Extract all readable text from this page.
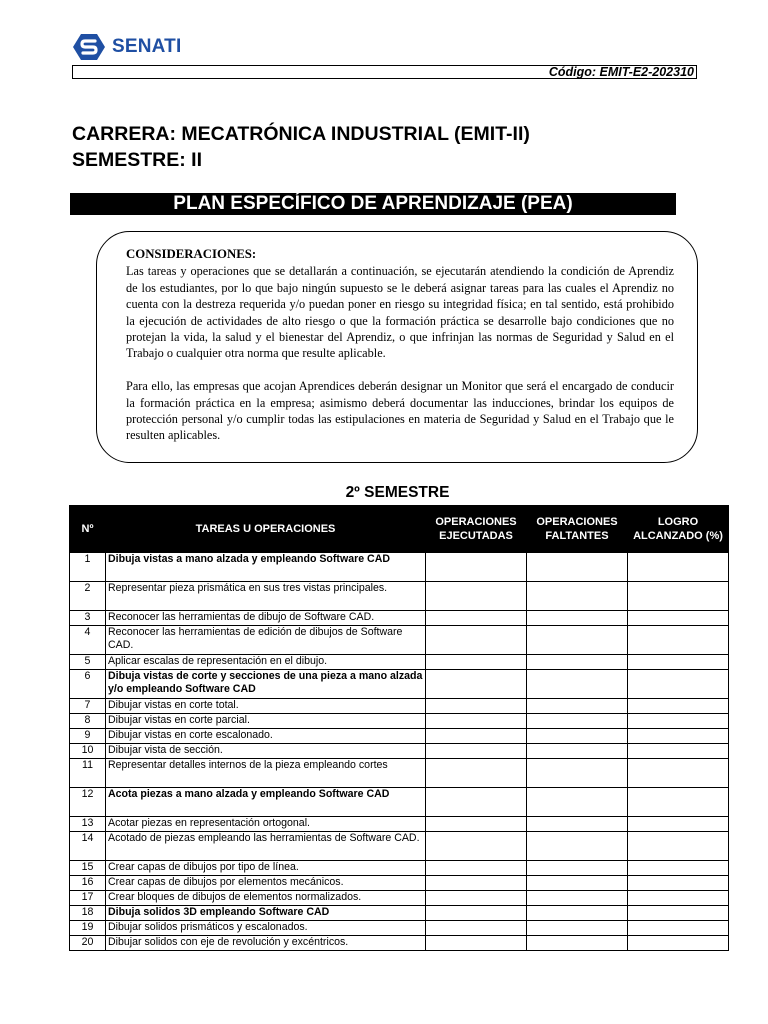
SENATI
Código: EMIT-E2-202310
CARRERA: MECATRÓNICA INDUSTRIAL (EMIT-II)
SEMESTRE: II
PLAN ESPECÍFICO DE APRENDIZAJE (PEA)
CONSIDERACIONES:

Las tareas y operaciones que se detallarán a continuación, se ejecutarán atendiendo la condición de Aprendiz de los estudiantes, por lo que bajo ningún supuesto se le deberá asignar tareas para las cuales el Aprendiz no cuenta con la destreza requerida y/o puedan poner en riesgo su integridad física; en tal sentido, está prohibido la ejecución de actividades de alto riesgo o que la formación práctica se desarrolle bajo condiciones que no protejan la vida, la salud y el bienestar del Aprendiz, o que infrinjan las normas de Seguridad y Salud en el Trabajo o cualquier otra norma que resulte aplicable.

Para ello, las empresas que acojan Aprendices deberán designar un Monitor que será el encargado de conducir la formación práctica en la empresa; asimismo deberá documentar las inducciones, brindar los equipos de protección personal y/o cumplir todas las estipulaciones en materia de Seguridad y Salud en el Trabajo que le resulten aplicables.

2º SEMESTRE
Nº	TAREAS U OPERACIONES	OPERACIONES EJECUTADAS	OPERACIONES FALTANTES	LOGRO ALCANZADO (%)
1	Dibuja vistas a mano alzada y empleando Software CAD			
2	Representar pieza prismática en sus tres vistas principales.			
3	Reconocer las herramientas de dibujo de Software CAD.			
4	Reconocer las herramientas de edición de dibujos de Software CAD.			
5	Aplicar escalas de representación en el dibujo.			
6	Dibuja vistas de corte y secciones de una pieza a mano alzada y/o empleando Software CAD			
7	Dibujar vistas en corte total.			
8	Dibujar vistas en corte parcial.			
9	Dibujar vistas en corte escalonado.			
10	Dibujar vista de sección.			
11	Representar detalles internos de la pieza empleando cortes			
12	Acota piezas a mano alzada y empleando Software CAD			
13	Acotar piezas en representación ortogonal.			
14	Acotado de piezas empleando las herramientas de Software CAD.			
15	Crear capas de dibujos por tipo de línea.			
16	Crear capas de dibujos por elementos mecánicos.			
17	Crear bloques de dibujos de elementos normalizados.			
18	Dibuja solidos 3D empleando Software CAD			
19	Dibujar solidos prismáticos y escalonados.			
20	Dibujar solidos con eje de revolución y excéntricos.			
